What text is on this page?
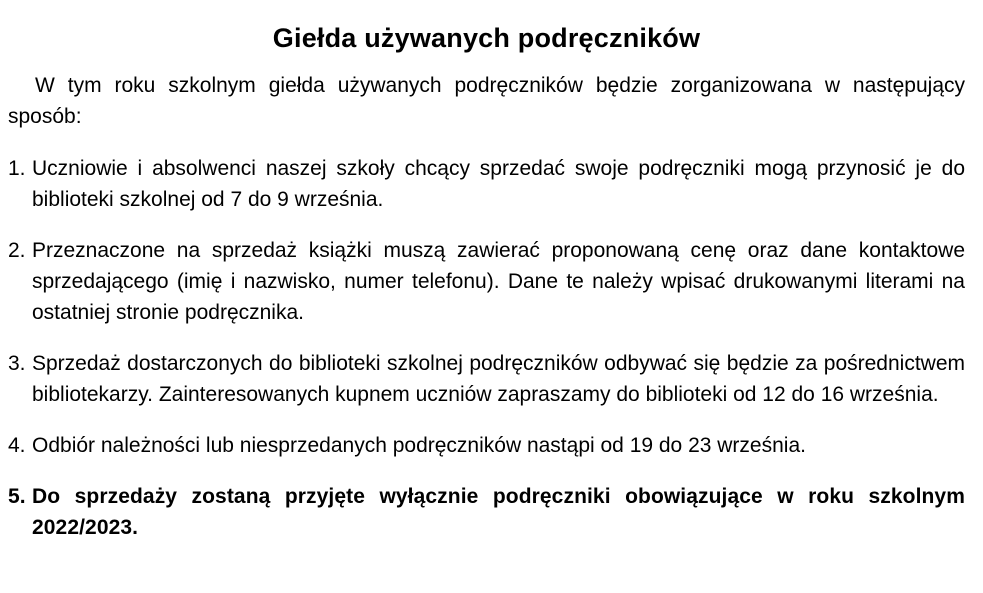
Giełda używanych podręczników

W tym roku szkolnym giełda używanych podręczników będzie zorganizowana w następujący sposób:

1. Uczniowie i absolwenci naszej szkoły chcący sprzedać swoje podręczniki mogą przynosić je do biblioteki szkolnej od 7 do 9 września.
2. Przeznaczone na sprzedaż książki muszą zawierać proponowaną cenę oraz dane kontaktowe sprzedającego (imię i nazwisko, numer telefonu). Dane te należy wpisać drukowanymi literami na ostatniej stronie podręcznika.
3. Sprzedaż dostarczonych do biblioteki szkolnej podręczników odbywać się będzie za pośrednictwem bibliotekarzy. Zainteresowanych kupnem uczniów zapraszamy do biblioteki od 12 do 16 września.
4. Odbiór należności lub niesprzedanych podręczników nastąpi od 19 do 23 września.
5. Do sprzedaży zostaną przyjęte wyłącznie podręczniki obowiązujące w roku szkolnym 2022/2023.
